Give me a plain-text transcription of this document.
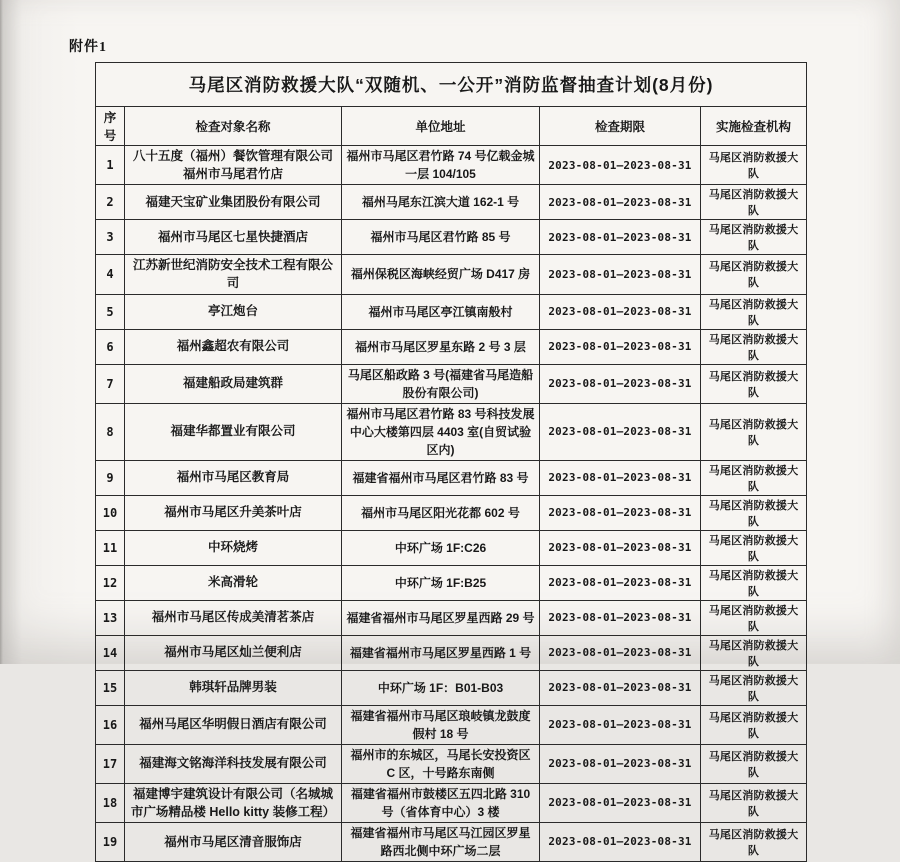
附件1
马尾区消防救援大队“双随机、一公开”消防监督抽查计划(8月份)				
序号	检查对象名称	单位地址	检查期限	实施检查机构
1	八十五度（福州）餐饮管理有限公司福州市马尾君竹店	福州市马尾区君竹路 74 号亿载金城一层 104/105	2023-08-01—2023-08-31	马尾区消防救援大队
2	福建天宝矿业集团股份有限公司	福州马尾东江滨大道 162-1 号	2023-08-01—2023-08-31	马尾区消防救援大队
3	福州市马尾区七星快捷酒店	福州市马尾区君竹路 85 号	2023-08-01—2023-08-31	马尾区消防救援大队
4	江苏新世纪消防安全技术工程有限公司	福州保税区海峡经贸广场 D417 房	2023-08-01—2023-08-31	马尾区消防救援大队
5	亭江炮台	福州市马尾区亭江镇南般村	2023-08-01—2023-08-31	马尾区消防救援大队
6	福州鑫超农有限公司	福州市马尾区罗星东路 2 号 3 层	2023-08-01—2023-08-31	马尾区消防救援大队
7	福建船政局建筑群	马尾区船政路 3 号(福建省马尾造船股份有限公司)	2023-08-01—2023-08-31	马尾区消防救援大队
8	福建华都置业有限公司	福州市马尾区君竹路 83 号科技发展中心大楼第四层 4403 室(自贸试验区内)	2023-08-01—2023-08-31	马尾区消防救援大队
9	福州市马尾区教育局	福建省福州市马尾区君竹路 83 号	2023-08-01—2023-08-31	马尾区消防救援大队
10	福州市马尾区升美茶叶店	福州市马尾区阳光花都 602 号	2023-08-01—2023-08-31	马尾区消防救援大队
11	中环烧烤	中环广场 1F:C26	2023-08-01—2023-08-31	马尾区消防救援大队
12	米高滑轮	中环广场 1F:B25	2023-08-01—2023-08-31	马尾区消防救援大队
13	福州市马尾区传成美清茗茶店	福建省福州市马尾区罗星西路 29 号	2023-08-01—2023-08-31	马尾区消防救援大队
14	福州市马尾区灿兰便利店	福建省福州市马尾区罗星西路 1 号	2023-08-01—2023-08-31	马尾区消防救援大队
15	韩琪轩品牌男装	中环广场 1F：B01-B03	2023-08-01—2023-08-31	马尾区消防救援大队
16	福州马尾区华明假日酒店有限公司	福建省福州市马尾区琅岐镇龙鼓度假村 18 号	2023-08-01—2023-08-31	马尾区消防救援大队
17	福建海文铭海洋科技发展有限公司	福州市的东城区，马尾长安投资区 C 区，十号路东南侧	2023-08-01—2023-08-31	马尾区消防救援大队
18	福建博宇建筑设计有限公司（名城城市广场精品楼 Hello kitty 装修工程）	福建省福州市鼓楼区五四北路 310 号（省体育中心）3 楼	2023-08-01—2023-08-31	马尾区消防救援大队
19	福州市马尾区清音服饰店	福建省福州市马尾区马江园区罗星路西北侧中环广场二层	2023-08-01—2023-08-31	马尾区消防救援大队
